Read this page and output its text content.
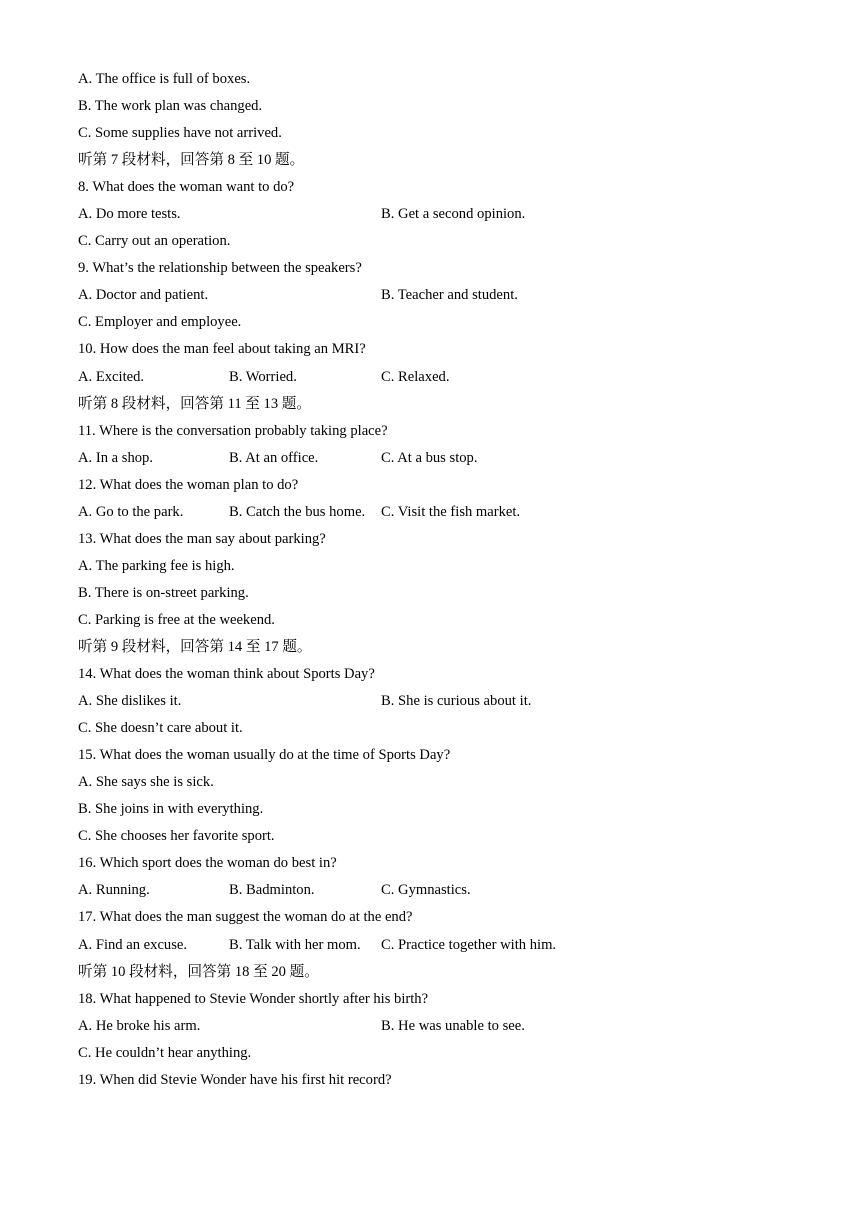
A. The office is full of boxes.
B. The work plan was changed.
C. Some supplies have not arrived.
听第 7 段材料，回答第 8 至 10 题。
8. What does the woman want to do?
A. Do more tests.	B. Get a second opinion.
C. Carry out an operation.
9. What’s the relationship between the speakers?
A. Doctor and patient.	B. Teacher and student.
C. Employer and employee.
10. How does the man feel about taking an MRI?
A. Excited.	B. Worried.	C. Relaxed.
听第 8 段材料，回答第 11 至 13 题。
11. Where is the conversation probably taking place?
A. In a shop.	B. At an office.	C. At a bus stop.
12. What does the woman plan to do?
A. Go to the park.	B. Catch the bus home. C. Visit the fish market.
13. What does the man say about parking?
A. The parking fee is high.
B. There is on-street parking.
C. Parking is free at the weekend.
听第 9 段材料，回答第 14 至 17 题。
14. What does the woman think about Sports Day?
A. She dislikes it.	B. She is curious about it.
C. She doesn’t care about it.
15. What does the woman usually do at the time of Sports Day?
A. She says she is sick.
B. She joins in with everything.
C. She chooses her favorite sport.
16. Which sport does the woman do best in?
A. Running.	B. Badminton.	C. Gymnastics.
17. What does the man suggest the woman do at the end?
A. Find an excuse.	B. Talk with her mom. C. Practice together with him.
听第 10 段材料，回答第 18 至 20 题。
18. What happened to Stevie Wonder shortly after his birth?
A. He broke his arm.	B. He was unable to see.
C. He couldn’t hear anything.
19. When did Stevie Wonder have his first hit record?
